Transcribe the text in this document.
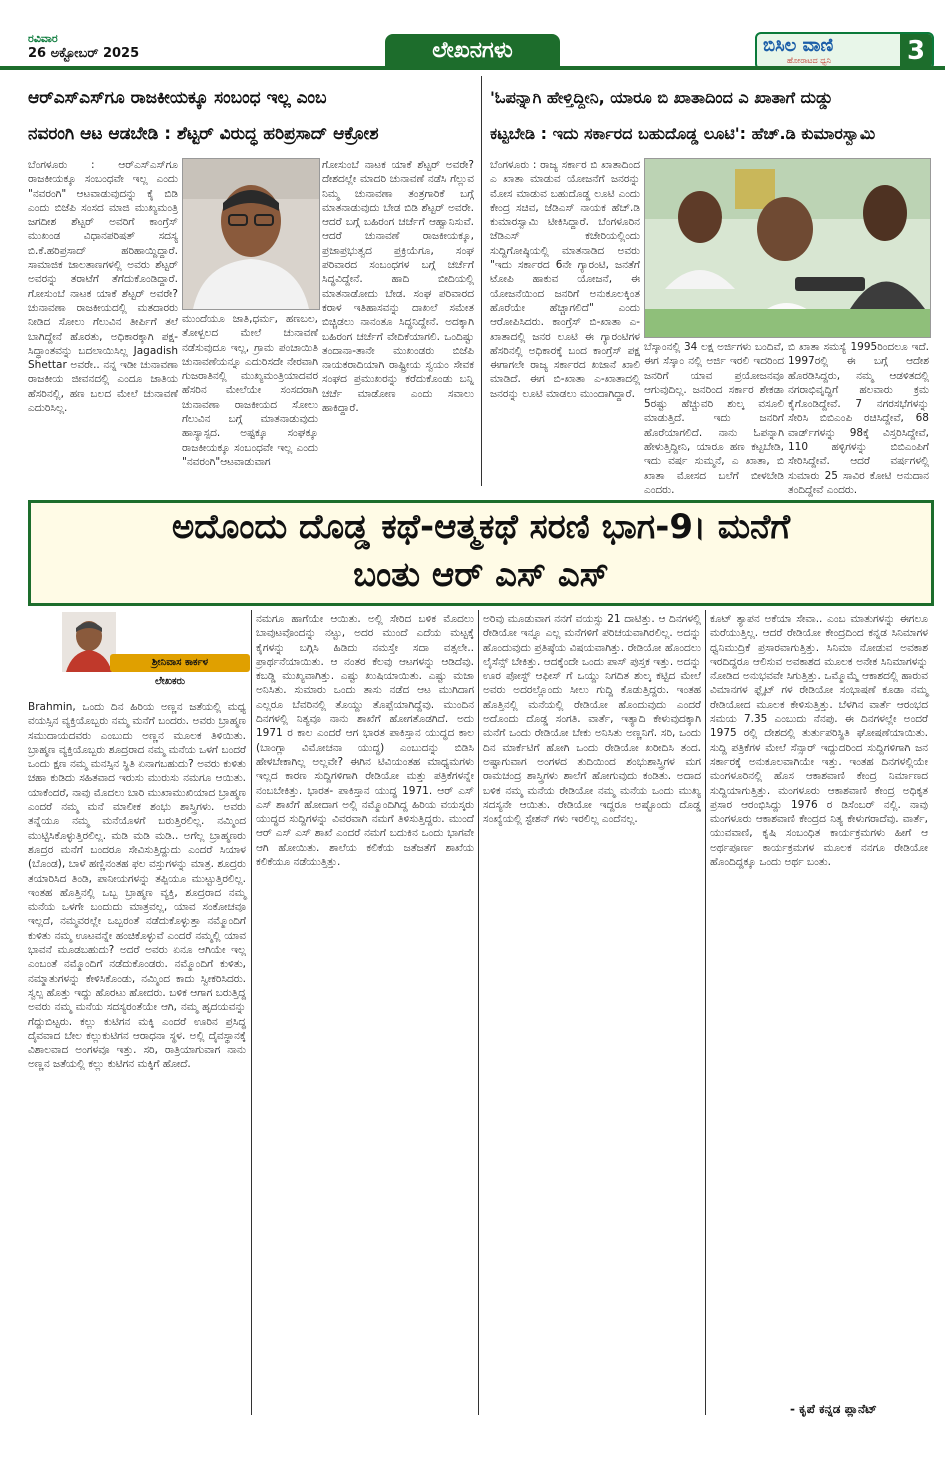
ರವಿವಾರ
26 ಅಕ್ಟೋಬರ್ 2025	ಲೇಖನಗಳು	ಬಿಸಿಲ ವಾಣಿ
ಹೋರಾಟದ ಧ್ವನಿ	3
ಆರ್‌ಎಸ್‌ಎಸ್‌ಗೂ ರಾಜಕೀಯಕ್ಕೂ ಸಂಬಂಧ ಇಲ್ಲ ಎಂಬ
ನವರಂಗಿ ಆಟ ಆಡಬೇಡಿ : ಶೆಟ್ಟರ್ ವಿರುದ್ಧ ಹರಿಪ್ರಸಾದ್ ಆಕ್ರೋಶ
ಬೆಂಗಳೂರು : ಆರ್‌ಎಸ್‌ಎಸ್‌ಗೂ ರಾಜಕೀಯಕ್ಕೂ ಸಂಬಂಧವೇ ಇಲ್ಲ ಎಂದು "ನವರಂಗಿ" ಆಟವಾಡುವುದನ್ನು ಕೈ ಬಿಡಿ ಎಂದು ಬಿಜೆಪಿ ಸಂಸದ ಮಾಜಿ ಮುಖ್ಯಮಂತ್ರಿ ಜಗದೀಶ ಶೆಟ್ಟರ್ ಅವರಿಗೆ ಕಾಂಗ್ರೆಸ್ ಮುಖಂಡ ವಿಧಾನಪರಿಷತ್ ಸದಸ್ಯ ಬಿ.ಕೆ.ಹರಿಪ್ರಸಾದ್ ಹರಿಹಾಯ್ದಿದ್ದಾರೆ. ಸಾಮಾಜಿಕ ಜಾಲತಾಣಗಳಲ್ಲಿ ಅವರು ಶೆಟ್ಟರ್ ಅವರನ್ನು ತರಾಟೆಗೆ ತೆಗೆದುಕೊಂಡಿದ್ದಾರೆ. ಗೋಸುಂಬೆ ನಾಟಕ ಯಾಕೆ ಶೆಟ್ಟರ್ ಅವರೇ? ಚುನಾವಣಾ ರಾಜಕೀಯದಲ್ಲಿ ಮತದಾರರು ನೀಡಿದ ಸೋಲು ಗೆಲುವಿನ ತೀರ್ಪಿಗೆ ತಲೆ ಬಾಗಿದ್ದೇನೆ ಹೊರತು, ಅಧಿಕಾರಕ್ಕಾಗಿ ಪಕ್ಷ-ಸಿದ್ಧಾಂತವನ್ನು ಬದಲಾಯಿಸಿಲ್ಲ Jagadish Shettar ಅವರೇ.. ನನ್ನ ಇಡೀ ಚುನಾವಣಾ ರಾಜಕೀಯ ಜೀವನದಲ್ಲಿ ಎಂದೂ ಜಾತಿಯ ಹೆಸರಿನಲ್ಲಿ, ಹಣ ಬಲದ ಮೇಲೆ ಚುನಾವಣೆ ಎದುರಿಸಿಲ್ಲ.
ಮುಂದೆಯೂ ಜಾತಿ,ಧರ್ಮ, ಹಣಬಲ, ತೋಳ್ಬಲದ ಮೇಲೆ ಚುನಾವಣೆ ನಡೆಸುವುದೂ ಇಲ್ಲ, ಗ್ರಾಮ ಪಂಚಾಯಿತಿ ಚುನಾವಣೆಯನ್ನೂ ಎದುರಿಸದೇ ನೇರವಾಗಿ ಗುಜರಾತಿನಲ್ಲಿ ಮುಖ್ಯಮಂತ್ರಿಯಾದವರ ಹೆಸರಿನ ಮೇಲೆಯೇ ಸಂಸದರಾಗಿ ಚುನಾವಣಾ ರಾಜಕೀಯದ ಸೋಲು ಗೆಲುವಿನ ಬಗ್ಗೆ ಮಾತನಾಡುವುದು ಹಾಸ್ಯಾಸ್ಪದ. ಅಷ್ಟಕ್ಕೂ ಸಂಘಕ್ಕೂ ರಾಜಕೀಯಕ್ಕೂ ಸಂಬಂಧವೇ ಇಲ್ಲ ಎಂದು "ನವರಂಗಿ"ಆಟವಾಡುವಾಗ
ಗೋಸುಂಬೆ ನಾಟಕ ಯಾಕೆ ಶೆಟ್ಟರ್ ಅವರೇ? ದೇಶದಲ್ಲೇ ಮಾದರಿ ಚುನಾವಣೆ ನಡೆಸಿ ಗೆಲ್ಲುವ ನಿಮ್ಮ ಚುನಾವಣಾ ತಂತ್ರಗಾರಿಕೆ ಬಗ್ಗೆ ಮಾತನಾಡುವುದು ಬೇಡ ಬಿಡಿ ಶೆಟ್ಟರ್ ಅವರೇ. ಆದರೆ ಬಗ್ಗೆ ಬಹಿರಂಗ ಚರ್ಚೆಗೆ ಆಹ್ವಾನಿಸುವೆ. ಆದರೆ ಚುನಾವಣೆ ರಾಜಕೀಯಕ್ಕೂ, ಪ್ರಜಾಪ್ರಭುತ್ವದ ಪ್ರಕ್ರಿಯೆಗೂ, ಸಂಘ ಪರಿವಾರದ ಸಂಬಂಧಗಳ ಬಗ್ಗೆ ಚರ್ಚೆಗೆ ಸಿದ್ಧವಿದ್ದೇನೆ. ಹಾದಿ ಬೀದಿಯಲ್ಲಿ ಮಾತನಾಡೋದು ಬೇಡ. ಸಂಘ ಪರಿವಾರದ ಕರಾಳ ಇತಿಹಾಸವನ್ನು ದಾಖಲೆ ಸಮೇತ ಬಿಚ್ಚಿಡಲು ನಾನಂತೂ ಸಿದ್ಧನಿದ್ದೇನೆ. ಅದಕ್ಕಾಗಿ ಬಹಿರಂಗ ಚರ್ಚೆಗೆ ವೇದಿಕೆಯಾಗಲಿ. ಒಂದಿಷ್ಟು ತಂದಾನಾ-ತಾನೇ ಮುಖಂಡರು ಬಿಜೆಪಿ ನಾಯಕರಾದಿಯಾಗಿ ರಾಷ್ಟ್ರೀಯ ಸ್ವಯಂ ಸೇವಕ ಸಂಘದ ಪ್ರಮುಖರನ್ನು ಕರೆದುಕೊಂಡು ಬನ್ನಿ ಚರ್ಚೆ ಮಾಡೋಣ ಎಂದು ಸವಾಲು ಹಾಕಿದ್ದಾರೆ.
'ಓಪನ್ನಾಗಿ ಹೇಳ್ತಿದ್ದೀನಿ, ಯಾರೂ ಬಿ ಖಾತಾದಿಂದ ಎ ಖಾತಾಗೆ ದುಡ್ಡು
ಕಟ್ಟಬೇಡಿ : ಇದು ಸರ್ಕಾರದ ಬಹುದೊಡ್ಡ ಲೂಟಿ': ಹೆಚ್.ಡಿ ಕುಮಾರಸ್ವಾಮಿ
ಬೆಂಗಳೂರು : ರಾಜ್ಯ ಸರ್ಕಾರ ಬಿ ಖಾತಾದಿಂದ ಎ ಖಾತಾ ಮಾಡುವ ಯೋಜನೆಗೆ ಜನರನ್ನು ಮೋಸ ಮಾಡುವ ಬಹುದೊಡ್ಡ ಲೂಟಿ ಎಂದು ಕೇಂದ್ರ ಸಚಿವ, ಜೆಡಿಎಸ್ ನಾಯಕ ಹೆಚ್.ಡಿ ಕುಮಾರಸ್ವಾಮಿ ಟೀಕಿಸಿದ್ದಾರೆ. ಬೆಂಗಳೂರಿನ ಜೆಡಿಎಸ್ ಕಚೇರಿಯಲ್ಲಿಂದು ಸುದ್ದಿಗೋಷ್ಠಿಯಲ್ಲಿ ಮಾತನಾಡಿದ ಅವರು "ಇದು ಸರ್ಕಾರದ 6ನೇ ಗ್ಯಾರಂಟಿ, ಜನತೆಗೆ ಟೋಪಿ ಹಾಕುವ ಯೋಜನೆ, ಈ ಯೋಜನೆಯಿಂದ ಜನರಿಗೆ ಅನುಕೂಲಕ್ಕಿಂತ ಹೊರೆಯೇ ಹೆಚ್ಚಾಗಲಿದೆ" ಎಂದು ಆರೋಪಿಸಿದರು. ಕಾಂಗ್ರೆಸ್ ಬಿ-ಖಾತಾ ಎ-ಖಾತಾದಲ್ಲಿ ಜನರ ಲೂಟಿ ಈ ಗ್ಯಾರಂಟಿಗಳ ಹೆಸರಿನಲ್ಲಿ ಅಧಿಕಾರಕ್ಕೆ ಬಂದ ಕಾಂಗ್ರೆಸ್ ಪಕ್ಷ ಈಗಾಗಲೇ ರಾಜ್ಯ ಸರ್ಕಾರದ ಖಜಾನೆ ಖಾಲಿ ಮಾಡಿದೆ. ಈಗ ಬಿ-ಖಾತಾ ಎ-ಖಾತಾದಲ್ಲಿ ಜನರನ್ನು ಲೂಟಿ ಮಾಡಲು ಮುಂದಾಗಿದ್ದಾರೆ.
ಬೆಸ್ಕಾಂನಲ್ಲಿ 34 ಲಕ್ಷ ಅರ್ಜಿಗಳು ಬಂದಿವೆ, ಈಗ ಸೆಸ್ಕಾಂ ನಲ್ಲಿ ಅರ್ಜಿ ಇರಲಿ ಇದರಿಂದ ಜನರಿಗೆ ಯಾವ ಪ್ರಯೋಜನವೂ ಆಗುವುದಿಲ್ಲ. ಜನರಿಂದ ಸರ್ಕಾರ ಶೇಕಡಾ 5ರಷ್ಟು ಹೆಚ್ಚುವರಿ ಶುಲ್ಕ ವಸೂಲಿ ಮಾಡುತ್ತಿದೆ. ಇದು ಜನರಿಗೆ ಹೊರೆಯಾಗಲಿದೆ. ನಾನು ಓಪನ್ನಾಗಿ ಹೇಳುತ್ತಿದ್ದೀನಿ, ಯಾರೂ ಹಣ ಕಟ್ಟಬೇಡಿ, ಇದು ವರ್ಷ ಸುಮ್ಮನೆ, ಎ ಖಾತಾ, ಬಿ ಖಾತಾ ಮೋಸದ ಬಲೆಗೆ ಬೀಳಬೇಡಿ ಎಂದರು.
ಬಿ ಖಾತಾ ಸಮಸ್ಯೆ 1995ರಿಂದಲೂ ಇದೆ. 1997ರಲ್ಲಿ ಈ ಬಗ್ಗೆ ಆದೇಶ ಹೊರಡಿಸಿದ್ದರು, ನಮ್ಮ ಆಡಳಿತದಲ್ಲಿ ನಗರಾಭಿವೃದ್ಧಿಗೆ ಹಲವಾರು ಕ್ರಮ ಕೈಗೊಂಡಿದ್ದೇವೆ. 7 ನಗರಸಭೆಗಳನ್ನು ಸೇರಿಸಿ ಬಿಬಿಎಂಪಿ ರಚಿಸಿದ್ದೇವೆ, 68 ವಾರ್ಡ್‌ಗಳನ್ನು 98ಕ್ಕೆ ವಿಸ್ತರಿಸಿದ್ದೇವೆ, 110 ಹಳ್ಳಿಗಳನ್ನು ಬಿಬಿಎಂಪಿಗೆ ಸೇರಿಸಿದ್ದೇವೆ. ಆದರೆ ವರ್ಷಗಳಲ್ಲಿ ಸುಮಾರು 25 ಸಾವಿರ ಕೋಟಿ ಅನುದಾನ ತಂದಿದ್ದೇವೆ ಎಂದರು.
ಅದೊಂದು ದೊಡ್ಡ ಕಥೆ-ಆತ್ಮಕಥೆ ಸರಣಿ ಭಾಗ-9। ಮನೆಗೆ
ಬಂತು ಆರ್ ಎಸ್ ಎಸ್
ಶ್ರೀನಿವಾಸ ಕಾರ್ಕಳ
ಲೇಖಕರು
Brahmin, ಒಂದು ದಿನ ಹಿರಿಯ ಅಣ್ಣನ ಜತೆಯಲ್ಲಿ ಮಧ್ಯ ವಯಸ್ಸಿನ ವ್ಯಕ್ತಿಯೊಬ್ಬರು ನಮ್ಮ ಮನೆಗೆ ಬಂದರು. ಅವರು ಬ್ರಾಹ್ಮಣ ಸಮುದಾಯದವರು ಎಂಬುದು ಅಣ್ಣನ ಮೂಲಕ ತಿಳಿಯಿತು. ಬ್ರಾಹ್ಮಣ ವ್ಯಕ್ತಿಯೊಬ್ಬರು ಶೂದ್ರರಾದ ನಮ್ಮ ಮನೆಯ ಒಳಗೆ ಬಂದರೆ ಒಂದು ಕ್ಷಣ ನಮ್ಮ ಮನಸ್ಸಿನ ಸ್ಥಿತಿ ಏನಾಗಬಹುದು? ಅವರು ಕುಳಿತು ಚಹಾ ಕುಡಿದು ಸಹಿತವಾದ ಇರುಸು ಮುರುಸು ನಮಗೂ ಆಯಿತು. ಯಾಕೆಂದರೆ, ನಾವು ಮೊದಲು ಬಾರಿ ಮುಖಾಮುಖಿಯಾದ ಬ್ರಾಹ್ಮಣ ಎಂದರೆ ನಮ್ಮ ಮನೆ ಮಾಲೀಕ ಶಂಭು ಶಾಸ್ತ್ರಿಗಳು. ಅವರು ತನ್ನೆಯೂ ನಮ್ಮ ಮನೆಯೊಳಗೆ ಬರುತ್ತಿರಲಿಲ್ಲ. ನಮ್ಮಿಂದ ಮುಟ್ಟಿಸಿಕೊಳ್ಳುತ್ತಿರಲಿಲ್ಲ. ಮಡಿ ಮಡಿ ಮಡಿ.. ಅಗೆಲ್ಲ ಬ್ರಾಹ್ಮಣರು ಶೂದ್ರರ ಮನೆಗೆ ಬಂದರೂ ಸೇವಿಸುತ್ತಿದ್ದುದು ಎಂದರೆ ಸಿಯಾಳ (ಬೊಂಡ), ಬಾಳೆ ಹಣ್ಣಿನಂತಹ ಫಲ ವಸ್ತುಗಳನ್ನು ಮಾತ್ರ. ಶೂದ್ರರು ತಯಾರಿಸಿದ ತಿಂಡಿ, ಪಾನೀಯಗಳನ್ನು ತಪ್ಪಿಯೂ ಮುಟ್ಟುತ್ತಿರಲಿಲ್ಲ. ಇಂತಹ ಹೊತ್ತಿನಲ್ಲಿ ಒಬ್ಬ ಬ್ರಾಹ್ಮಣ ವ್ಯಕ್ತಿ, ಶೂದ್ರರಾದ ನಮ್ಮ ಮನೆಯ ಒಳಗೇ ಬಂದುದು ಮಾತ್ರವಲ್ಲ, ಯಾವ ಸಂಕೋಚವೂ ಇಲ್ಲದೆ, ನಮ್ಮವರಲ್ಲೇ ಒಬ್ಬರಂತೆ ನಡೆದುಕೊಳ್ಳುತ್ತಾ ನಮ್ಮೊಂದಿಗೆ ಕುಳಿತು ನಮ್ಮ ಊಟವನ್ನೇ ಹಂಚಿಕೊಳ್ಳುವೆ ಎಂದರೆ ನಮ್ಮಲ್ಲಿ ಯಾವ ಭಾವನೆ ಮೂಡಬಹುದು? ಅದರೆ ಅವರು ಏನೂ ಆಗಿಯೇ ಇಲ್ಲ ಎಂಬಂತೆ ನಮ್ಮೊಂದಿಗೆ ನಡೆದುಕೊಂಡರು. ನಮ್ಮೊಂದಿಗೆ ಕುಳಿತು, ನಮ್ಮಾತುಗಳನ್ನು ಕೇಳಿಸಿಕೊಂಡು, ನಮ್ಮಿಂದ ಕಾದು ಸ್ವೀಕರಿಸಿದರು. ಸ್ವಲ್ಪ ಹೊತ್ತು ಇದ್ದು ಹೊರಟು ಹೋದರು. ಬಳಿಕ ಆಗಾಗ ಬರುತ್ತಿದ್ದ ಅವರು ನಮ್ಮ ಮನೆಯ ಸದಸ್ಯರಂತೆಯೇ ಆಗಿ, ನಮ್ಮ ಹೃದಯವನ್ನು ಗೆದ್ದುಬಿಟ್ಟರು. ಕಲ್ಲು ಕುಟಿಗನ ಮಕ್ಕಿ ಎಂದರೆ ಊರಿನ ಪ್ರಸಿದ್ಧ ದೈವವಾದ ಬೇಲ ಕಲ್ಲುಕುಟಿಗನ ಆರಾಧನಾ ಸ್ಥಳ. ಅಲ್ಲಿ ದೈವಸ್ಥಾನಕ್ಕೆ ವಿಶಾಲವಾದ ಅಂಗಳವೂ ಇತ್ತು. ಸರಿ, ರಾತ್ರಿಯಾಗುವಾಗ ನಾನು ಅಣ್ಣನ ಜತೆಯಲ್ಲಿ ಕಲ್ಲು ಕುಟಿಗನ ಮಕ್ಕಿಗೆ ಹೋದೆ.
ನಮಗೂ ಹಾಗೆಯೇ ಆಯಿತು. ಅಲ್ಲಿ ಸೇರಿದ ಬಳಿಕ ಮೊದಲು ಬಾವುಟವೊಂದನ್ನು ನಟ್ಟು, ಅದರ ಮುಂದೆ ಎದೆಯ ಮಟ್ಟಕ್ಕೆ ಕೈಗಳನ್ನು ಬಗ್ಗಿಸಿ ಹಿಡಿದು ನಮಸ್ತೇ ಸದಾ ವತ್ಸಲೇ.. ಪ್ರಾರ್ಥನೆಯಾಯಿತು. ಆ ನಂತರ ಕೆಲವು ಆಟಗಳನ್ನು ಆಡಿದೆವು. ಕಬಡ್ಡಿ ಮುಖ್ಯವಾಗಿತ್ತು. ಎಷ್ಟು ಖುಷಿಯಾಯಿತು. ಎಷ್ಟು ಮಜಾ ಅನಿಸಿತು. ಸುಮಾರು ಒಂದು ತಾಸು ನಡೆದ ಆಟ ಮುಗಿದಾಗ ಎಲ್ಲರೂ ಬೆವರಿನಲ್ಲಿ ತೊಯ್ದು ತೊಪ್ಪೆಯಾಗಿದ್ದೆವು. ಮುಂದಿನ ದಿನಗಳಲ್ಲಿ ನಿತ್ಯವೂ ನಾನು ಶಾಖೆಗೆ ಹೋಗತೊಡಗಿದೆ. ಅದು 1971 ರ ಕಾಲ ಎಂದರೆ ಆಗ ಭಾರತ ಪಾಕಿಸ್ತಾನ ಯುದ್ಧದ ಕಾಲ (ಬಾಂಗ್ಲಾ ವಿಮೋಚನಾ ಯುದ್ಧ) ಎಂಬುದನ್ನು ಬಿಡಿಸಿ ಹೇಳಬೇಕಾಗಿಲ್ಲ ಅಲ್ಲವೇ? ಈಗಿನ ಟಿವಿಯಂತಹ ಮಾಧ್ಯಮಗಳು ಇಲ್ಲದ ಕಾರಣ ಸುದ್ದಿಗಳಿಗಾಗಿ ರೇಡಿಯೋ ಮತ್ತು ಪತ್ರಿಕೆಗಳನ್ನೇ ನಂಬಬೇಕಿತ್ತು. ಭಾರತ- ಪಾಕಿಸ್ತಾನ ಯುದ್ಧ 1971. ಆರ್ ಎಸ್ ಎಸ್ ಶಾಖೆಗೆ ಹೋದಾಗ ಅಲ್ಲಿ ನಮ್ಮೊಂದಿಗಿದ್ದ ಹಿರಿಯ ವಯಸ್ಕರು ಯುದ್ಧದ ಸುದ್ದಿಗಳನ್ನು ವಿವರವಾಗಿ ನಮಗೆ ತಿಳಿಸುತ್ತಿದ್ದರು. ಮುಂದೆ ಆರ್ ಎಸ್ ಎಸ್ ಶಾಖೆ ಎಂದರೆ ನಮಗೆ ಬದುಕಿನ ಒಂದು ಭಾಗವೇ ಆಗಿ ಹೋಯಿತು. ಶಾಲೆಯ ಕಲಿಕೆಯ ಜತೆಜತೆಗೆ ಶಾಖೆಯ ಕಲಿಕೆಯೂ ನಡೆಯುತ್ತಿತ್ತು.
ಅರಿವು ಮೂಡುವಾಗ ನನಗೆ ವಯಸ್ಸು 21 ದಾಟಿತ್ತು. ಆ ದಿನಗಳಲ್ಲಿ ರೇಡಿಯೋ ಇನ್ನೂ ಎಲ್ಲ ಮನೆಗಳಿಗೆ ಪರಿಚಯವಾಗಿರಲಿಲ್ಲ. ಅದನ್ನು ಹೊಂದುವುದು ಪ್ರತಿಷ್ಠೆಯ ವಿಷಯವಾಗಿತ್ತು. ರೇಡಿಯೋ ಹೊಂದಲು ಲೈಸೆನ್ಸ್ ಬೇಕಿತ್ತು. ಆದಕ್ಕೆಂದೇ ಒಂದು ಪಾಸ್ ಪುಸ್ತಕ ಇತ್ತು. ಅದನ್ನು ಊರ ಪೋಸ್ಟ್ ಆಫೀಸ್ ಗೆ ಒಯ್ದು ನಿಗದಿತ ಶುಲ್ಕ ಕಟ್ಟಿದ ಮೇಲೆ ಅವರು ಅದರಲ್ಲೊಂದು ಸೀಲು ಗುದ್ದಿ ಕೊಡುತ್ತಿದ್ದರು. ಇಂತಹ ಹೊತ್ತಿನಲ್ಲಿ ಮನೆಯಲ್ಲಿ ರೇಡಿಯೋ ಹೊಂದುವುದು ಎಂದರೆ ಅದೊಂದು ದೊಡ್ಡ ಸಂಗತಿ. ವಾರ್ತೆ, ಇತ್ಯಾದಿ ಕೇಳುವುದಕ್ಕಾಗಿ ಮನೆಗೆ ಒಂದು ರೇಡಿಯೋ ಬೇಕು ಅನಿಸಿತು ಅಣ್ಣನಿಗೆ. ಸರಿ, ಒಂದು ದಿನ ಮಾರ್ಕೆಟಿಗೆ ಹೋಗಿ ಒಂದು ರೇಡಿಯೋ ಖರೀದಿಸಿ ತಂದ. ಅಷ್ಟಾಗುವಾಗ ಅಂಗಳದ ತುದಿಯಿಂದ ಶಂಭುಶಾಸ್ತ್ರಿಗಳ ಮಗ ರಾಮಚಂದ್ರ ಶಾಸ್ತ್ರಿಗಳು ಶಾಲೆಗೆ ಹೋಗುವುದು ಕಂಡಿತು. ಅದಾದ ಬಳಿಕ ನಮ್ಮ ಮನೆಯ ರೇಡಿಯೋ ನಮ್ಮ ಮನೆಯ ಒಂದು ಮುಖ್ಯ ಸದಸ್ಯನೇ ಆಯಿತು. ರೇಡಿಯೋ ಇದ್ದರೂ ಅಷ್ಟೊಂದು ದೊಡ್ಡ ಸಂಖ್ಯೆಯಲ್ಲಿ ಸ್ಟೇಶನ್ ಗಳು ಇರಲಿಲ್ಲ ಎಂದೆನಲ್ಲ.
ಕೂಟ್ ತ್ಯಾಪನ ಅಕೆಯಾ ಸೇವಾ.. ಎಂಬ ಮಾತುಗಳನ್ನು ಈಗಲೂ ಮರೆಯುತ್ತಿಲ್ಲ. ಆದರೆ ರೇಡಿಯೋ ಕೇಂದ್ರದಿಂದ ಕನ್ನಡ ಸಿನಿಮಾಗಳ ಧ್ವನಿಮುದ್ರಿಕೆ ಪ್ರಸಾರವಾಗುತ್ತಿತ್ತು. ಸಿನಿಮಾ ನೋಡುವ ಅವಕಾಶ ಇರದಿದ್ದರೂ ಆಲಿಸುವ ಅವಕಾಶದ ಮೂಲಕ ಅನೇಕ ಸಿನಿಮಾಗಳನ್ನು ನೋಡಿದ ಅನುಭವವೇ ಸಿಗುತ್ತಿತ್ತು. ಒಮ್ಮೊಮ್ಮೆ ಆಕಾಶದಲ್ಲಿ ಹಾರುವ ವಿಮಾನಗಳ ಫ್ಲೈಟ್ ಗಳ ರೇಡಿಯೋ ಸಂಭಾಷಣೆ ಕೂಡಾ ನಮ್ಮ ರೇಡಿಯೋದ ಮೂಲಕ ಕೇಳಿಸುತ್ತಿತ್ತು. ಬೆಳಗಿನ ವಾರ್ತೆ ಆರಂಭದ ಸಮಯ 7.35 ಎಂಬುದು ನೆನಪು. ಈ ದಿನಗಳಲ್ಲೇ ಅಂದರೆ 1975 ರಲ್ಲಿ ದೇಶದಲ್ಲಿ ತುರ್ತುಪರಿಸ್ಥಿತಿ ಘೋಷಣೆಯಾಯಿತು. ಸುದ್ದಿ ಪತ್ರಿಕೆಗಳ ಮೇಲೆ ಸೆನ್ಸಾರ್ ಇದ್ದುದರಿಂದ ಸುದ್ದಿಗಳಿಗಾಗಿ ಜನ ಸರ್ಕಾರಕ್ಕೆ ಅನುಕೂಲವಾಗಿಯೇ ಇತ್ತು. ಇಂತಹ ದಿನಗಳಲ್ಲಿಯೇ ಮಂಗಳೂರಿನಲ್ಲಿ ಹೊಸ ಆಕಾಶವಾಣಿ ಕೇಂದ್ರ ನಿರ್ಮಾಣದ ಸುದ್ದಿಯಾಗುತ್ತಿತ್ತು. ಮಂಗಳೂರು ಆಕಾಶವಾಣಿ ಕೇಂದ್ರ ಅಧಿಕೃತ ಪ್ರಸಾರ ಆರಂಭಿಸಿದ್ದು 1976 ರ ಡಿಸೆಂಬರ್ ನಲ್ಲಿ. ನಾವು ಮಂಗಳೂರು ಆಕಾಶವಾಣಿ ಕೇಂದ್ರದ ನಿತ್ಯ ಕೇಳುಗರಾದೆವು. ವಾರ್ತೆ, ಯುವವಾಣಿ, ಕೃಷಿ ಸಂಬಂಧಿತ ಕಾರ್ಯಕ್ರಮಗಳು ಹೀಗೆ ಆ ಅರ್ಥಪೂರ್ಣ ಕಾರ್ಯಕ್ರಮಗಳ ಮೂಲಕ ನನಗೂ ರೇಡಿಯೋ ಹೊಂದಿದ್ದಕ್ಕೂ ಒಂದು ಅರ್ಥ ಬಂತು.
- ಕೃಪೆ ಕನ್ನಡ ಪ್ಲಾನೆಟ್
